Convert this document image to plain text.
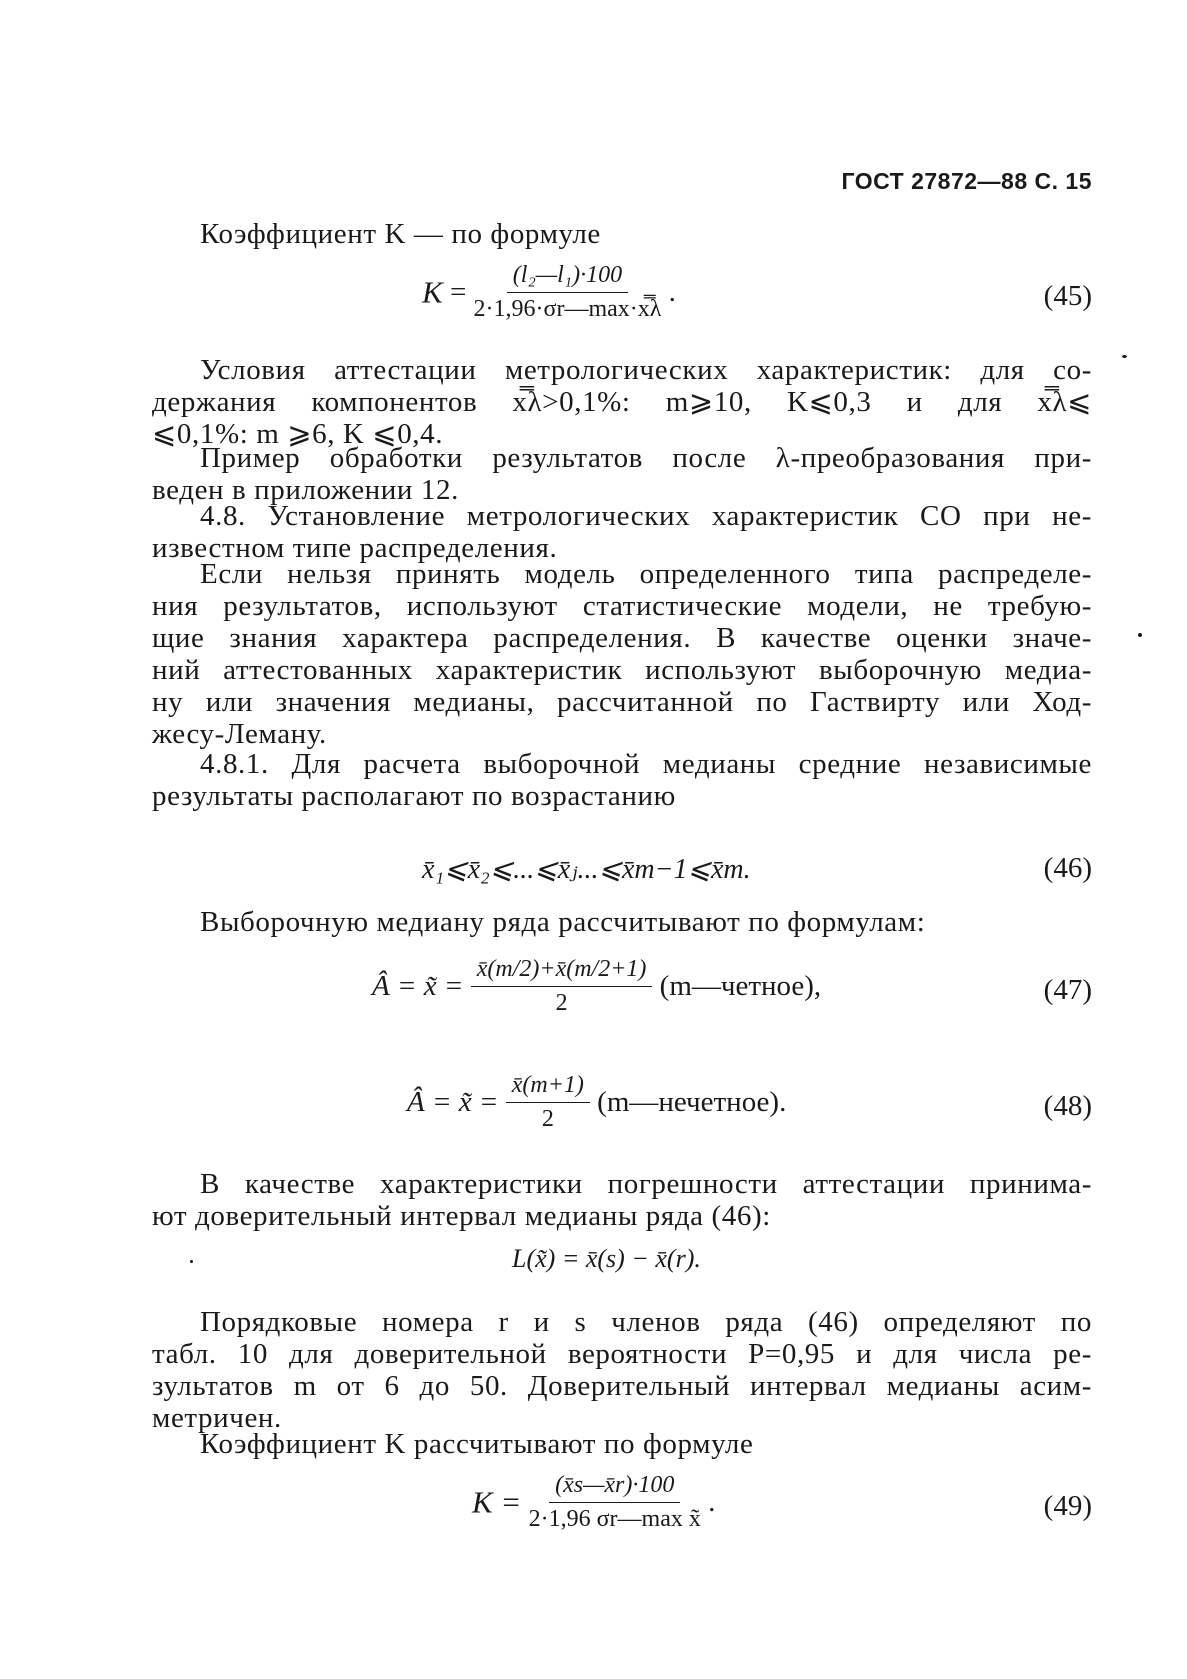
ГОСТ 27872—88 С. 15
Коэффициент K — по формуле
$K = \frac{\text{(l₂—l₁)·100}}{2\cdot 1,96\cdot\sigma r—\max\cdot x̿\lambda}$ .	(45)
Условия аттестации метрологических характеристик: для со-
держания компонентов x̿λ>0,1%: m⩾10, K⩽0,3 и для x̿λ⩽
⩽0,1%: m ⩾6, K ⩽0,4.
Пример обработки результатов после λ-преобразования при-
веден в приложении 12.
4.8. Установление метрологических характеристик СО при не-
известном типе распределения.
Если нельзя принять модель определенного типа распределе-
ния результатов, используют статистические модели, не требую-
щие знания характера распределения. В качестве оценки значе-
ний аттестованных характеристик используют выборочную медиа-
ну или значения медианы, рассчитанной по Гаствирту или Ход-
жесу-Леману.
4.8.1. Для расчета выборочной медианы средние независимые
результаты располагают по возрастанию
x̄₁⩽x̄₂⩽...⩽x̄ⱼ...⩽x̄m−1⩽x̄m.	(46)
Выборочную медиану ряда рассчитывают по формулам:
Â = x̃ = $\frac{x̄(m/2)+x̄(m/2+1)}{2}$ (m—четное),	(47)
Â = x̃ = $\frac{x̄(m+1)}{2}$ (m—нечетное).	(48)
В качестве характеристики погрешности аттестации принима-
ют доверительный интервал медианы ряда (46):
L(x̃) = x̄(s) − x̄(r).
Порядковые номера r и s членов ряда (46) определяют по
табл. 10 для доверительной вероятности P=0,95 и для числа ре-
зультатов m от 6 до 50. Доверительный интервал медианы асим-
метричен.
Коэффициент K рассчитывают по формуле
$K = \frac{(x̄s—x̄r)\cdot 100}{\text{2·1,96 σr—max x̃}}$ .	(49)
